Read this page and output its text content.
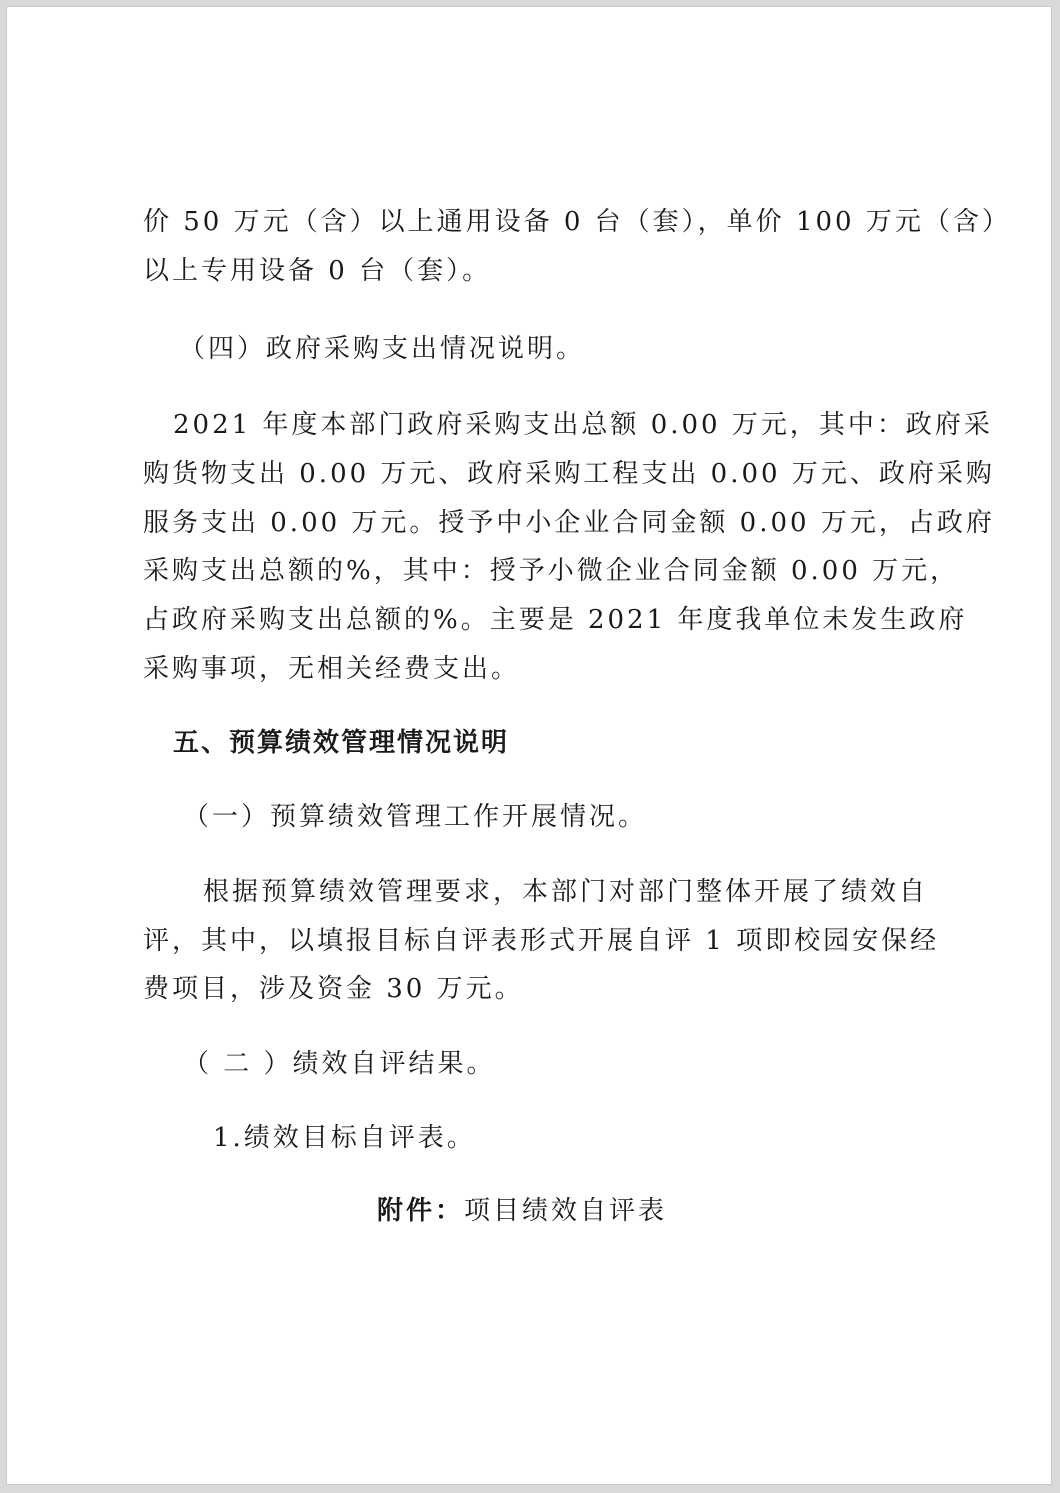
价 50 万元（含）以上通用设备 0 台（套），单价 100 万元（含）
以上专用设备 0 台（套）。
（四）政府采购支出情况说明。
2021 年度本部门政府采购支出总额 0.00 万元，其中：政府采
购货物支出 0.00 万元、政府采购工程支出 0.00 万元、政府采购
服务支出 0.00 万元。授予中小企业合同金额 0.00 万元，占政府
采购支出总额的%，其中：授予小微企业合同金额 0.00 万元，
占政府采购支出总额的%。主要是 2021 年度我单位未发生政府
采购事项，无相关经费支出。
五、预算绩效管理情况说明
（一）预算绩效管理工作开展情况。
根据预算绩效管理要求，本部门对部门整体开展了绩效自
评，其中，以填报目标自评表形式开展自评 1 项即校园安保经
费项目，涉及资金 30 万元。
（ 二 ）绩效自评结果。
1.绩效目标自评表。
附件：项目绩效自评表
